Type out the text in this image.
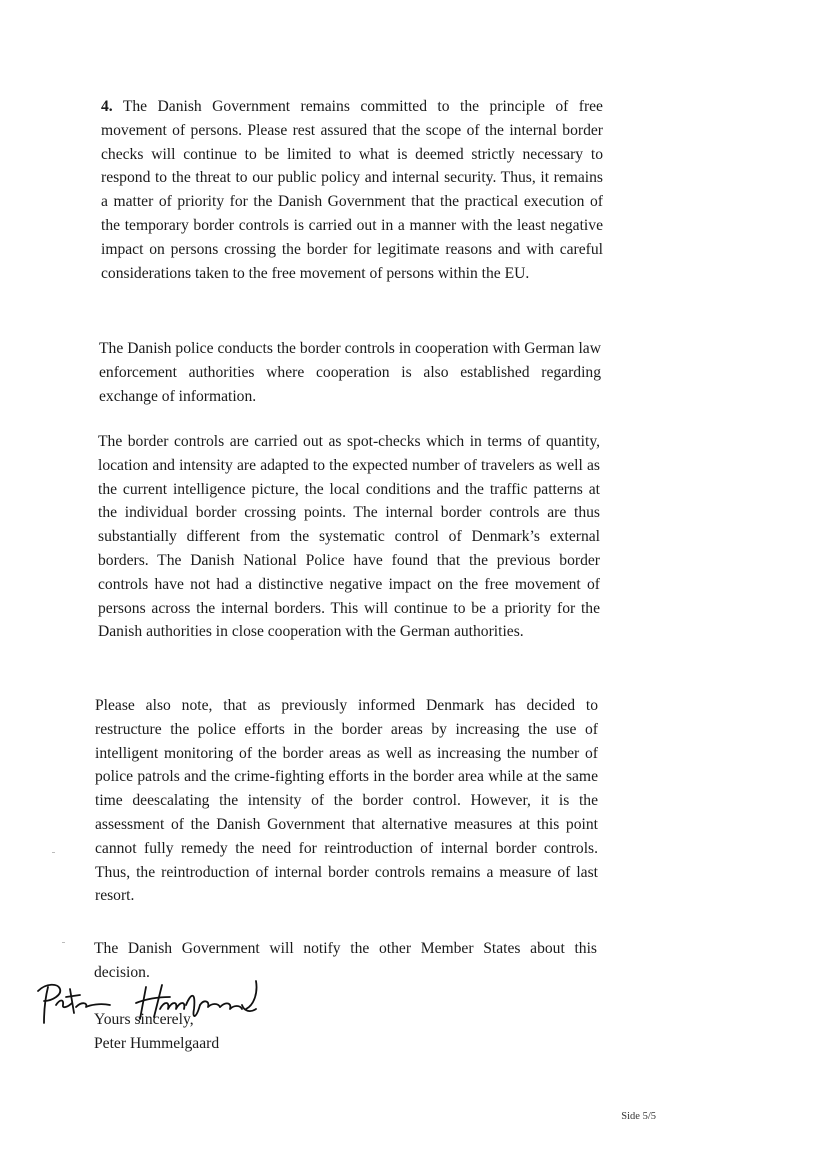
4. The Danish Government remains committed to the principle of free movement of persons. Please rest assured that the scope of the internal border checks will continue to be limited to what is deemed strictly necessary to respond to the threat to our public policy and internal security. Thus, it remains a matter of priority for the Danish Government that the practical execution of the temporary border controls is carried out in a manner with the least negative impact on persons crossing the border for legitimate reasons and with careful considerations taken to the free movement of persons within the EU.

The Danish police conducts the border controls in cooperation with German law enforcement authorities where cooperation is also established regarding exchange of information.

The border controls are carried out as spot-checks which in terms of quantity, location and intensity are adapted to the expected number of travelers as well as the current intelligence picture, the local conditions and the traffic patterns at the individual border crossing points. The internal border controls are thus substantially different from the systematic control of Denmark’s external borders. The Danish National Police have found that the previous border controls have not had a distinctive negative impact on the free movement of persons across the internal borders. This will continue to be a priority for the Danish authorities in close cooperation with the German authorities.

Please also note, that as previously informed Denmark has decided to restructure the police efforts in the border areas by increasing the use of intelligent monitoring of the border areas as well as increasing the number of police patrols and the crime-fighting efforts in the border area while at the same time deescalating the intensity of the border control. However, it is the assessment of the Danish Government that alternative measures at this point cannot fully remedy the need for reintroduction of internal border controls. Thus, the reintroduction of internal border controls remains a measure of last resort.

The Danish Government will notify the other Member States about this decision.

Yours sincerely,
Peter Hummelgaard
Side 5/5
